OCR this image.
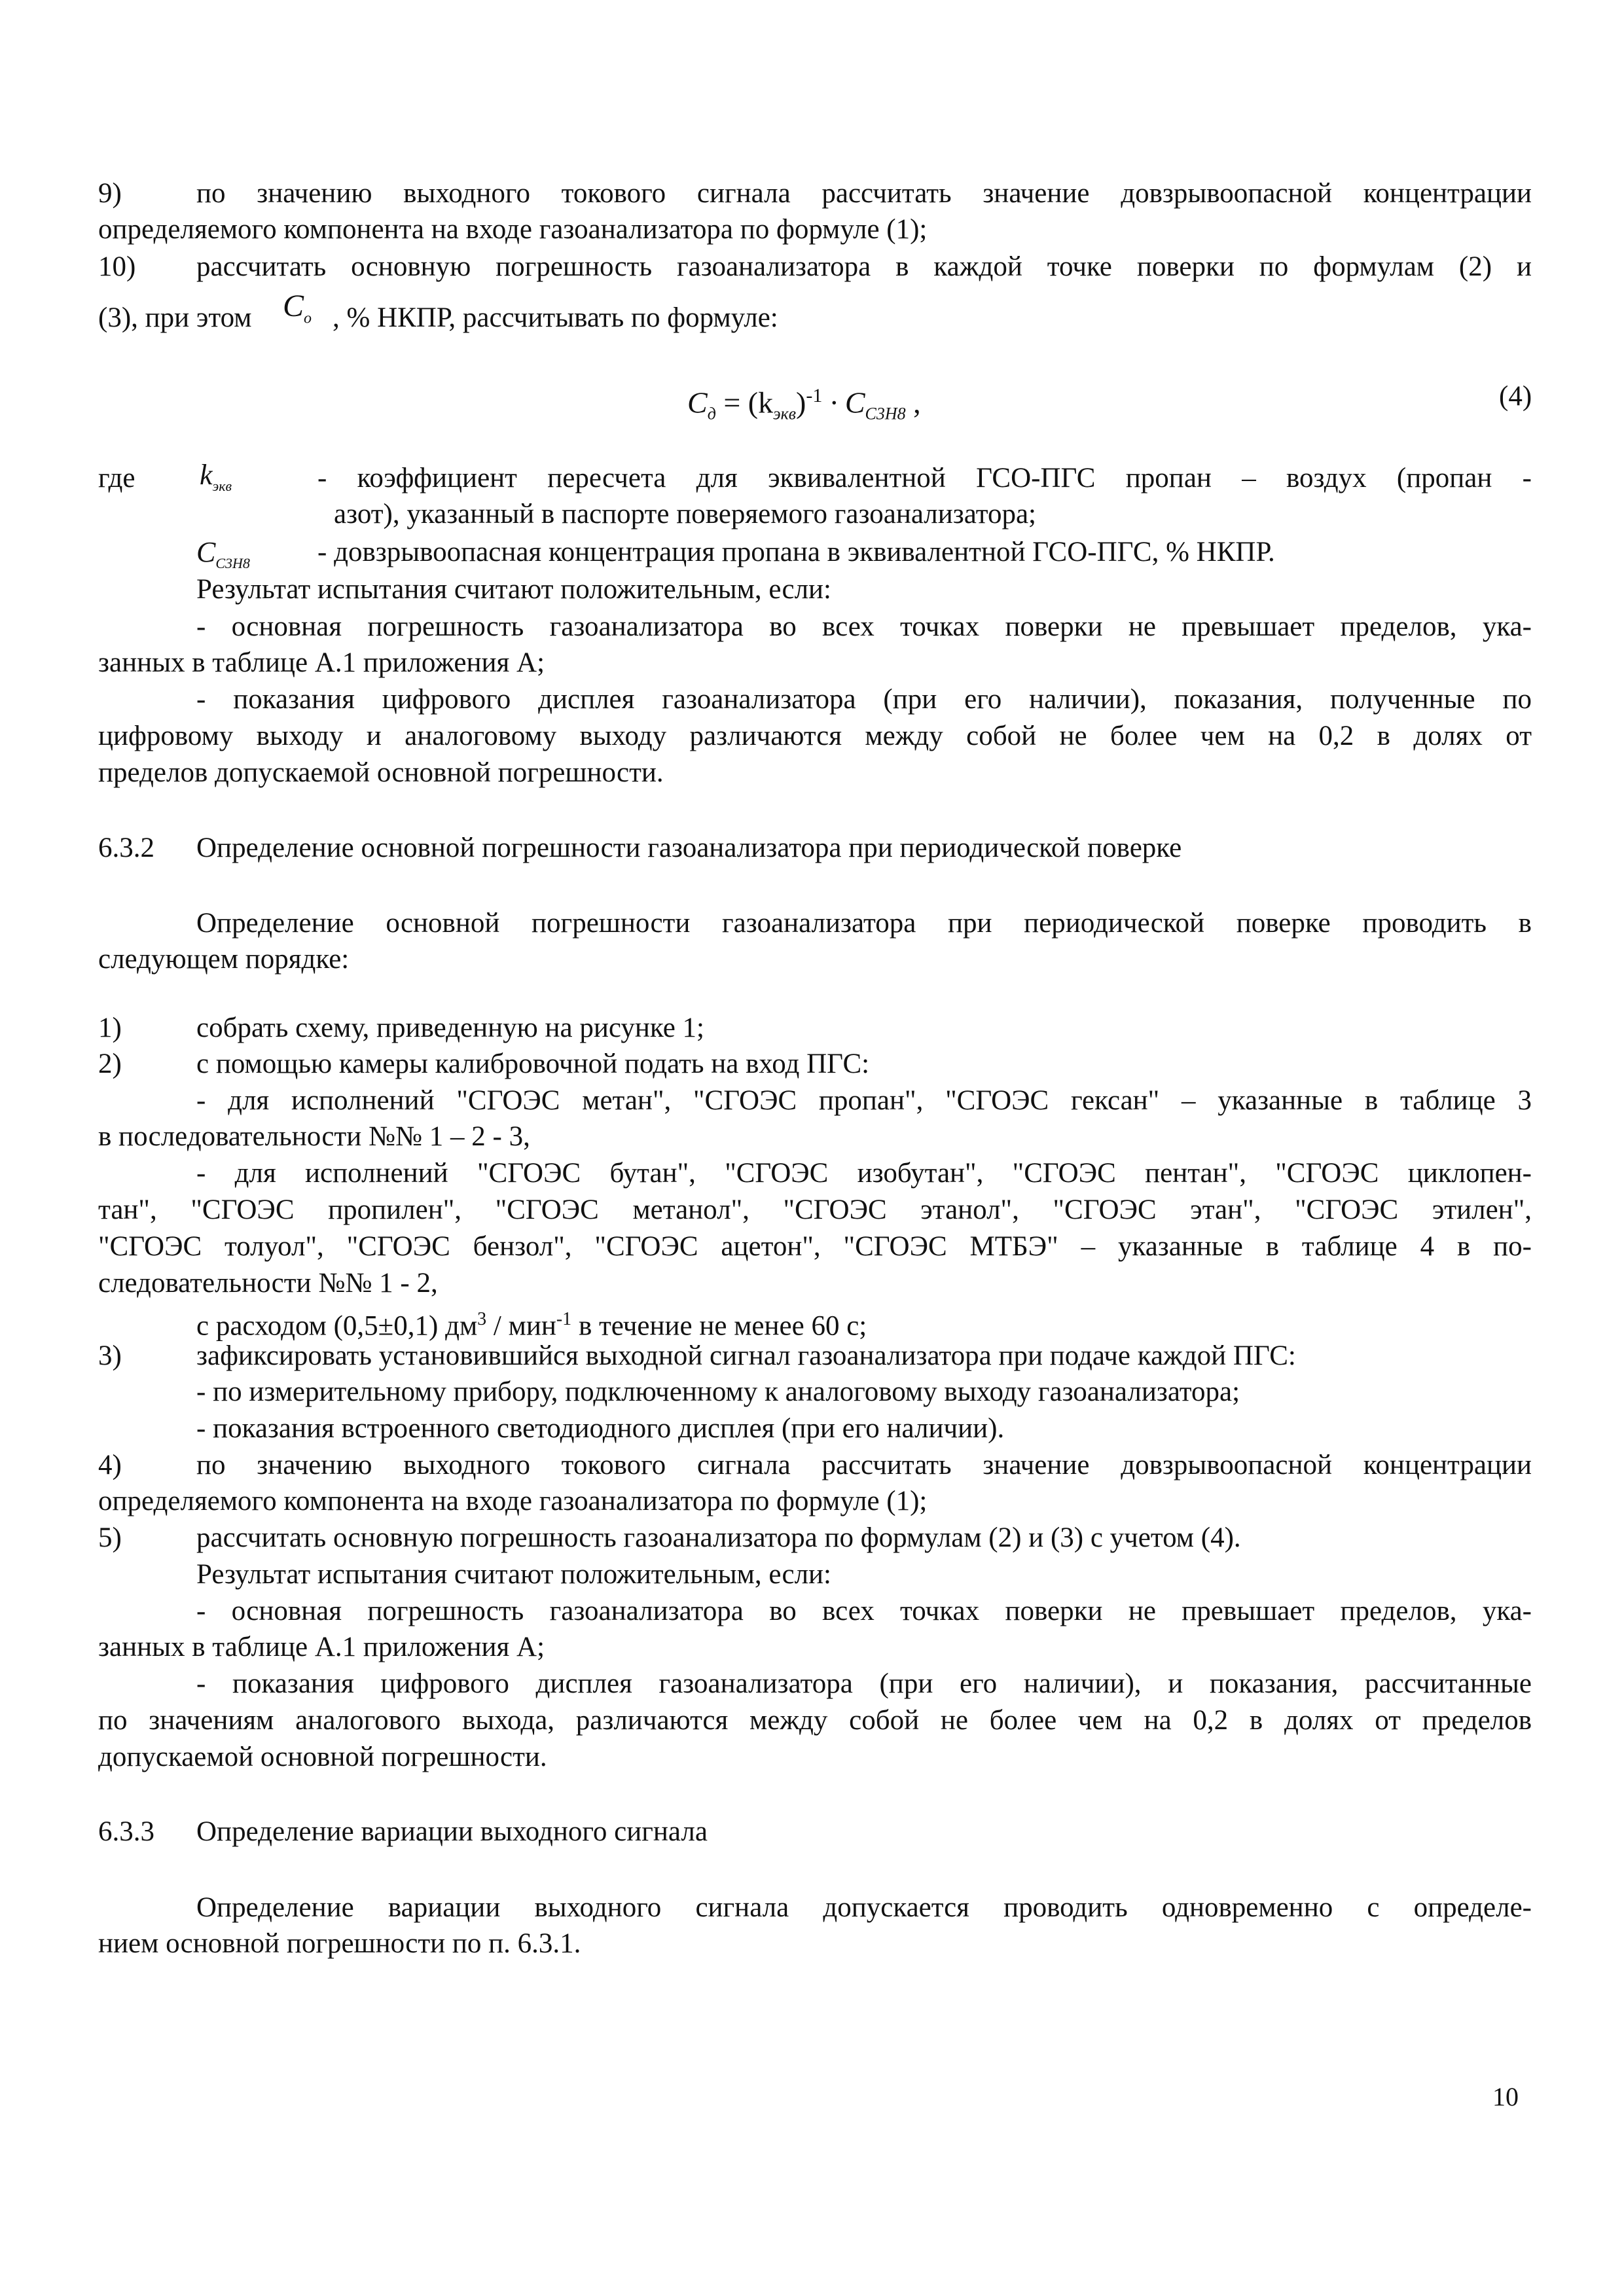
9)	по значению выходного токового сигнала рассчитать значение довзрывоопасной концентрации
определяемого компонента на входе газоанализатора по формуле (1);
10) рассчитать основную погрешность газоанализатора в каждой точке поверки по формулам (2) и
(3), при этом $C_o$ , % НКПР, рассчитывать по формуле:
$C_д = (k_{экв})^{-1} \cdot C_{C3H8}$ ,	(4)
где $k_{экв}$	- коэффициент пересчета для эквивалентной ГСО-ПГС пропан – воздух (пропан -
азот), указанный в паспорте поверяемого газоанализатора;
$C_{C3H8}$ - довзрывоопасная концентрация пропана в эквивалентной ГСО-ПГС, % НКПР.
Результат испытания считают положительным, если:
- основная погрешность газоанализатора во всех точках поверки не превышает пределов, ука-
занных в таблице А.1 приложения А;
- показания цифрового дисплея газоанализатора (при его наличии), показания, полученные по
цифровому выходу и аналоговому выходу различаются между собой не более чем на 0,2 в долях от
пределов допускаемой основной погрешности.
6.3.2 Определение основной погрешности газоанализатора при периодической поверке
Определение основной погрешности газоанализатора при периодической поверке проводить в
следующем порядке:
1)	собрать схему, приведенную на рисунке 1;
2)	с помощью камеры калибровочной подать на вход ПГС:
- для исполнений "СГОЭС метан", "СГОЭС пропан", "СГОЭС гексан" – указанные в таблице 3
в последовательности №№ 1 – 2 - 3,
- для исполнений "СГОЭС бутан", "СГОЭС изобутан", "СГОЭС пентан", "СГОЭС циклопен-
тан", "СГОЭС пропилен", "СГОЭС метанол", "СГОЭС этанол", "СГОЭС этан", "СГОЭС этилен",
"СГОЭС толуол", "СГОЭС бензол", "СГОЭС ацетон", "СГОЭС МТБЭ" – указанные в таблице 4 в по-
следовательности №№ 1 - 2,
с расходом (0,5±0,1) $дм^3 / мин^{-1}$ в течение не менее 60 с;
3)	зафиксировать установившийся выходной сигнал газоанализатора при подаче каждой ПГС:
- по измерительному прибору, подключенному к аналоговому выходу газоанализатора;
- показания встроенного светодиодного дисплея (при его наличии).
4)	по значению выходного токового сигнала рассчитать значение довзрывоопасной концентрации
определяемого компонента на входе газоанализатора по формуле (1);
5)	рассчитать основную погрешность газоанализатора по формулам (2) и (3) с учетом (4).
Результат испытания считают положительным, если:
- основная погрешность газоанализатора во всех точках поверки не превышает пределов, ука-
занных в таблице А.1 приложения А;
- показания цифрового дисплея газоанализатора (при его наличии), и показания, рассчитанные
по значениям аналогового выхода, различаются между собой не более чем на 0,2 в долях от пределов
допускаемой основной погрешности.
6.3.3 Определение вариации выходного сигнала
Определение вариации выходного сигнала допускается проводить одновременно с определе-
нием основной погрешности по п. 6.3.1.
10
